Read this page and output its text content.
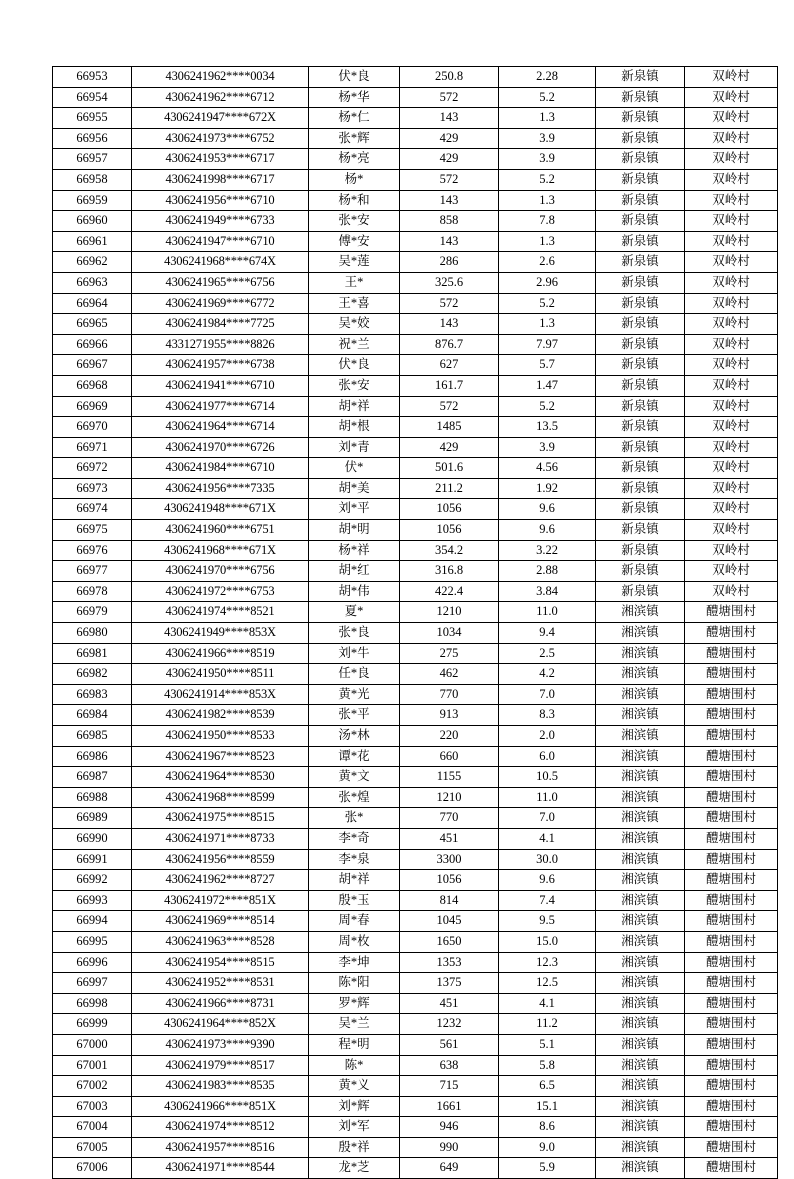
66953	4306241962****0034	伏*良	250.8	2.28	新泉镇	双岭村
66954	4306241962****6712	杨*华	572	5.2	新泉镇	双岭村
66955	4306241947****672X	杨*仁	143	1.3	新泉镇	双岭村
66956	4306241973****6752	张*辉	429	3.9	新泉镇	双岭村
66957	4306241953****6717	杨*亮	429	3.9	新泉镇	双岭村
66958	4306241998****6717	杨*	572	5.2	新泉镇	双岭村
66959	4306241956****6710	杨*和	143	1.3	新泉镇	双岭村
66960	4306241949****6733	张*安	858	7.8	新泉镇	双岭村
66961	4306241947****6710	傅*安	143	1.3	新泉镇	双岭村
66962	4306241968****674X	吴*莲	286	2.6	新泉镇	双岭村
66963	4306241965****6756	王*	325.6	2.96	新泉镇	双岭村
66964	4306241969****6772	王*喜	572	5.2	新泉镇	双岭村
66965	4306241984****7725	吴*姣	143	1.3	新泉镇	双岭村
66966	4331271955****8826	祝*兰	876.7	7.97	新泉镇	双岭村
66967	4306241957****6738	伏*良	627	5.7	新泉镇	双岭村
66968	4306241941****6710	张*安	161.7	1.47	新泉镇	双岭村
66969	4306241977****6714	胡*祥	572	5.2	新泉镇	双岭村
66970	4306241964****6714	胡*根	1485	13.5	新泉镇	双岭村
66971	4306241970****6726	刘*青	429	3.9	新泉镇	双岭村
66972	4306241984****6710	伏*	501.6	4.56	新泉镇	双岭村
66973	4306241956****7335	胡*美	211.2	1.92	新泉镇	双岭村
66974	4306241948****671X	刘*平	1056	9.6	新泉镇	双岭村
66975	4306241960****6751	胡*明	1056	9.6	新泉镇	双岭村
66976	4306241968****671X	杨*祥	354.2	3.22	新泉镇	双岭村
66977	4306241970****6756	胡*红	316.8	2.88	新泉镇	双岭村
66978	4306241972****6753	胡*伟	422.4	3.84	新泉镇	双岭村
66979	4306241974****8521	夏*	1210	11.0	湘滨镇	醴塘围村
66980	4306241949****853X	张*良	1034	9.4	湘滨镇	醴塘围村
66981	4306241966****8519	刘*牛	275	2.5	湘滨镇	醴塘围村
66982	4306241950****8511	任*良	462	4.2	湘滨镇	醴塘围村
66983	4306241914****853X	黄*光	770	7.0	湘滨镇	醴塘围村
66984	4306241982****8539	张*平	913	8.3	湘滨镇	醴塘围村
66985	4306241950****8533	汤*林	220	2.0	湘滨镇	醴塘围村
66986	4306241967****8523	谭*花	660	6.0	湘滨镇	醴塘围村
66987	4306241964****8530	黄*文	1155	10.5	湘滨镇	醴塘围村
66988	4306241968****8599	张*煌	1210	11.0	湘滨镇	醴塘围村
66989	4306241975****8515	张*	770	7.0	湘滨镇	醴塘围村
66990	4306241971****8733	李*奇	451	4.1	湘滨镇	醴塘围村
66991	4306241956****8559	李*泉	3300	30.0	湘滨镇	醴塘围村
66992	4306241962****8727	胡*祥	1056	9.6	湘滨镇	醴塘围村
66993	4306241972****851X	殷*玉	814	7.4	湘滨镇	醴塘围村
66994	4306241969****8514	周*春	1045	9.5	湘滨镇	醴塘围村
66995	4306241963****8528	周*枚	1650	15.0	湘滨镇	醴塘围村
66996	4306241954****8515	李*坤	1353	12.3	湘滨镇	醴塘围村
66997	4306241952****8531	陈*阳	1375	12.5	湘滨镇	醴塘围村
66998	4306241966****8731	罗*辉	451	4.1	湘滨镇	醴塘围村
66999	4306241964****852X	吴*兰	1232	11.2	湘滨镇	醴塘围村
67000	4306241973****9390	程*明	561	5.1	湘滨镇	醴塘围村
67001	4306241979****8517	陈*	638	5.8	湘滨镇	醴塘围村
67002	4306241983****8535	黄*义	715	6.5	湘滨镇	醴塘围村
67003	4306241966****851X	刘*辉	1661	15.1	湘滨镇	醴塘围村
67004	4306241974****8512	刘*军	946	8.6	湘滨镇	醴塘围村
67005	4306241957****8516	殷*祥	990	9.0	湘滨镇	醴塘围村
67006	4306241971****8544	龙*芝	649	5.9	湘滨镇	醴塘围村
